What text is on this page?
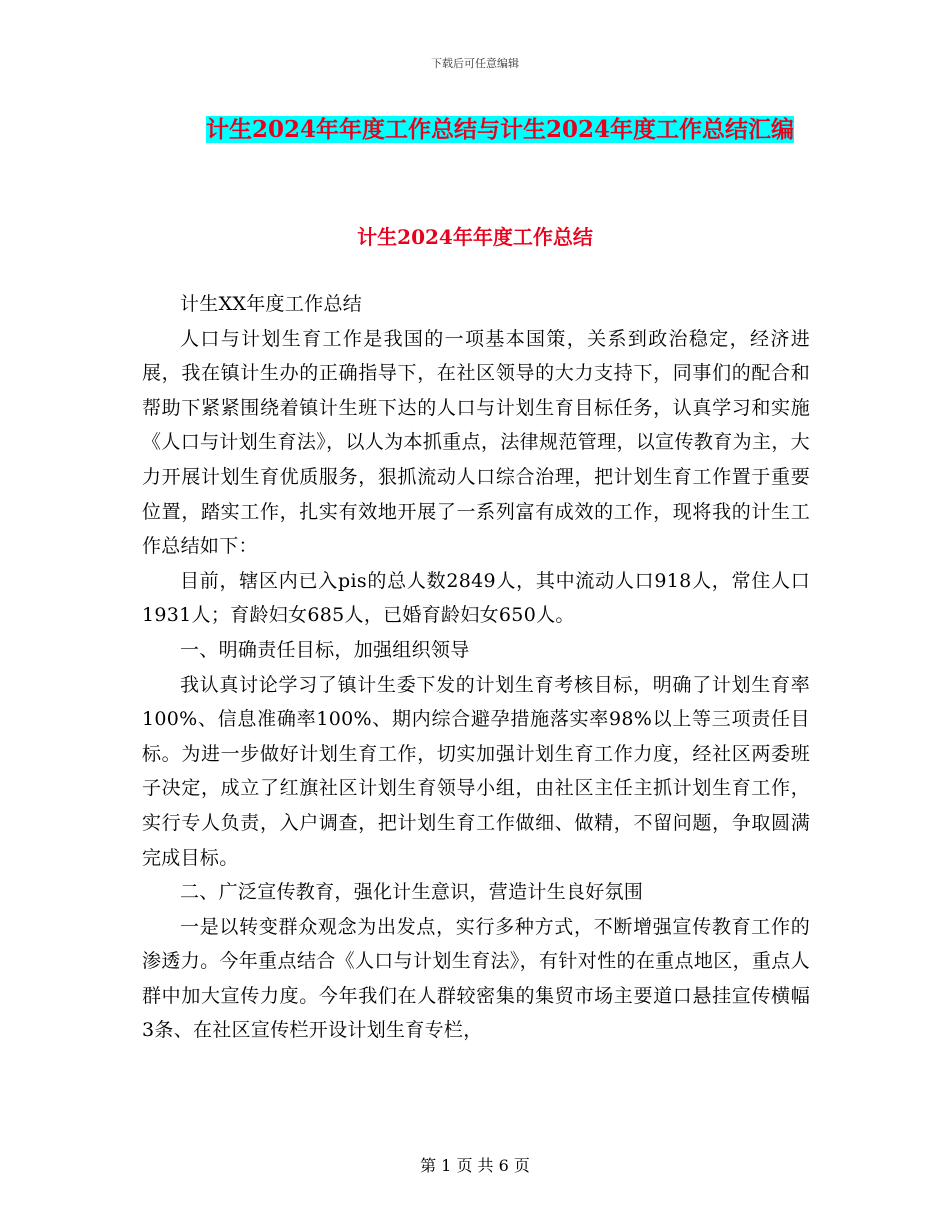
下载后可任意编辑
计生2024年年度工作总结与计生2024年度工作总结汇编
计生2024年年度工作总结

计生XX年度工作总结

人口与计划生育工作是我国的一项基本国策，关系到政治稳定，经济进展，我在镇计生办的正确指导下，在社区领导的大力支持下，同事们的配合和帮助下紧紧围绕着镇计生班下达的人口与计划生育目标任务，认真学习和实施《人口与计划生育法》，以人为本抓重点，法律规范管理，以宣传教育为主，大力开展计划生育优质服务，狠抓流动人口综合治理，把计划生育工作置于重要位置，踏实工作，扎实有效地开展了一系列富有成效的工作，现将我的计生工作总结如下：

目前，辖区内已入pis的总人数2849人，其中流动人口918人，常住人口1931人；育龄妇女685人，已婚育龄妇女650人。

一、明确责任目标，加强组织领导

我认真讨论学习了镇计生委下发的计划生育考核目标，明确了计划生育率100%、信息准确率100%、期内综合避孕措施落实率98%以上等三项责任目标。为进一步做好计划生育工作，切实加强计划生育工作力度，经社区两委班子决定，成立了红旗社区计划生育领导小组，由社区主任主抓计划生育工作，实行专人负责，入户调查，把计划生育工作做细、做精，不留问题，争取圆满完成目标。

二、广泛宣传教育，强化计生意识，营造计生良好氛围

一是以转变群众观念为出发点，实行多种方式，不断增强宣传教育工作的渗透力。今年重点结合《人口与计划生育法》，有针对性的在重点地区，重点人群中加大宣传力度。今年我们在人群较密集的集贸市场主要道口悬挂宣传横幅3条、在社区宣传栏开设计划生育专栏，

第 1 页 共 6 页
